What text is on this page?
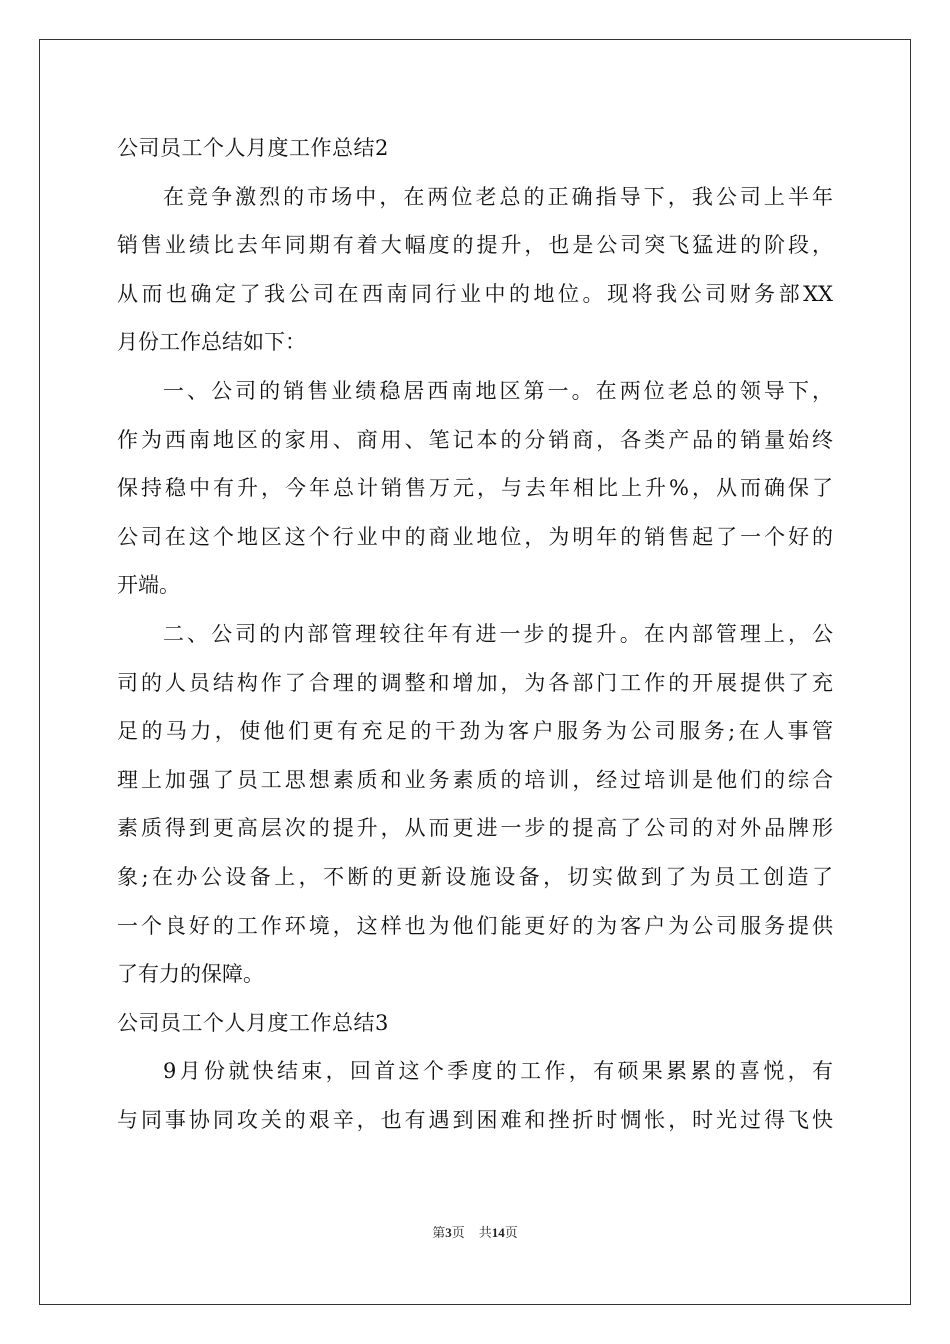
公司员工个人月度工作总结2
在竞争激烈的市场中，在两位老总的正确指导下，我公司上半年
销售业绩比去年同期有着大幅度的提升，也是公司突飞猛进的阶段，
从而也确定了我公司在西南同行业中的地位。现将我公司财务部XX
月份工作总结如下：
一、公司的销售业绩稳居西南地区第一。在两位老总的领导下，
作为西南地区的家用、商用、笔记本的分销商，各类产品的销量始终
保持稳中有升，今年总计销售万元，与去年相比上升%，从而确保了
公司在这个地区这个行业中的商业地位，为明年的销售起了一个好的
开端。
二、公司的内部管理较往年有进一步的提升。在内部管理上，公
司的人员结构作了合理的调整和增加，为各部门工作的开展提供了充
足的马力，使他们更有充足的干劲为客户服务为公司服务;在人事管
理上加强了员工思想素质和业务素质的培训，经过培训是他们的综合
素质得到更高层次的提升，从而更进一步的提高了公司的对外品牌形
象;在办公设备上，不断的更新设施设备，切实做到了为员工创造了
一个良好的工作环境，这样也为他们能更好的为客户为公司服务提供
了有力的保障。
公司员工个人月度工作总结3
9月份就快结束，回首这个季度的工作，有硕果累累的喜悦，有
与同事协同攻关的艰辛，也有遇到困难和挫折时惆怅，时光过得飞快
第3页 共14页
